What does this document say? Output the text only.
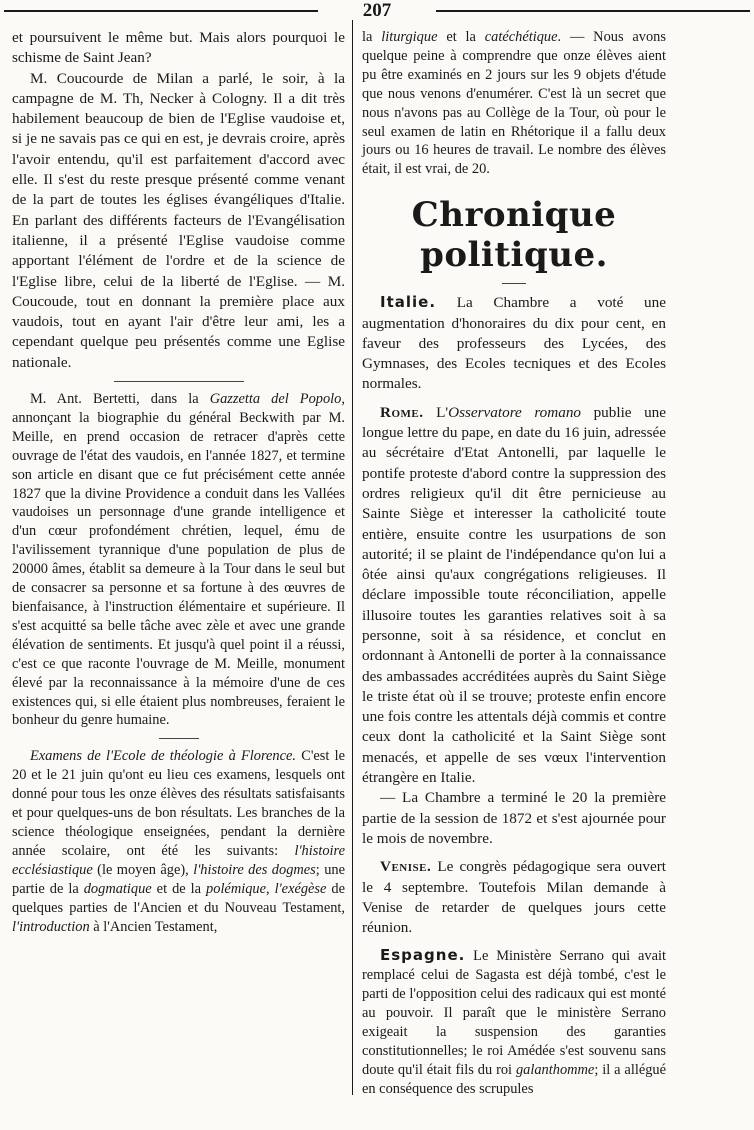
207

et poursuivent le même but. Mais alors pourquoi le schisme de Saint Jean?

M. Coucourde de Milan a parlé, le soir, à la campagne de M. Th, Necker à Cologny. Il a dit très habilement beaucoup de bien de l'Eglise vaudoise et, si je ne savais pas ce qui en est, je devrais croire, après l'avoir entendu, qu'il est parfaitement d'accord avec elle. Il s'est du reste presque présenté comme venant de la part de toutes les églises évangéliques d'Italie. En parlant des différents facteurs de l'Evangélisation italienne, il a présenté l'Eglise vaudoise comme apportant l'élément de l'ordre et de la science de l'Eglise libre, celui de la liberté de l'Eglise. — M. Coucoude, tout en donnant la première place aux vaudois, tout en ayant l'air d'être leur ami, les a cependant quelque peu présentés comme une Eglise nationale.

M. Ant. Bertetti, dans la Gazzetta del Popolo, annonçant la biographie du général Beckwith par M. Meille, en prend occasion de retracer d'après cette ouvrage de l'état des vaudois, en l'année 1827, et termine son article en disant que ce fut précisément cette année 1827 que la divine Providence a conduit dans les Vallées vaudoises un personnage d'une grande intelligence et d'un cœur profondément chrétien, lequel, ému de l'avilissement tyrannique d'une population de plus de 20000 âmes, établit sa demeure à la Tour dans le seul but de consacrer sa personne et sa fortune à des œuvres de bienfaisance, à l'instruction élémentaire et supérieure. Il s'est acquitté sa belle tâche avec zèle et avec une grande élévation de sentiments. Et jusqu'à quel point il a réussi, c'est ce que raconte l'ouvrage de M. Meille, monument élevé par la reconnaissance à la mémoire d'une de ces existences qui, si elle étaient plus nombreuses, feraient le bonheur du genre humaine.

Examens de l'Ecole de théologie à Florence. C'est le 20 et le 21 juin qu'ont eu lieu ces examens, lesquels ont donné pour tous les onze élèves des résultats satisfaisants et pour quelques-uns de bon résultats. Les branches de la science théologique enseignées, pendant la dernière année scolaire, ont été les suivants: l'histoire ecclésiastique (le moyen âge), l'histoire des dogmes; une partie de la dogmatique et de la polémique, l'exégèse de quelques parties de l'Ancien et du Nouveau Testament, l'introduction à l'Ancien Testament,

la liturgique et la catéchétique. — Nous avons quelque peine à comprendre que onze élèves aient pu être examinés en 2 jours sur les 9 objets d'étude que nous venons d'enumérer. C'est là un secret que nous n'avons pas au Collège de la Tour, où pour le seul examen de latin en Rhétorique il a fallu deux jours ou 16 heures de travail. Le nombre des élèves était, il est vrai, de 20.

Chronique politique.

Italie. La Chambre a voté une augmentation d'honoraires du dix pour cent, en faveur des professeurs des Lycées, des Gymnases, des Ecoles tecniques et des Ecoles normales.

Rome. L'Osservatore romano publie une longue lettre du pape, en date du 16 juin, adressée au sécrétaire d'Etat Antonelli, par laquelle le pontife proteste d'abord contre la suppression des ordres religieux qu'il dit être pernicieuse au Sainte Siège et interesser la catholicité toute entière, ensuite contre les usurpations de son autorité; il se plaint de l'indépendance qu'on lui a ôtée ainsi qu'aux congrégations religieuses. Il déclare impossible toute réconciliation, appelle illusoire toutes les garanties relatives soit à sa personne, soit à sa résidence, et conclut en ordonnant à Antonelli de porter à la connaissance des ambassades accréditées auprès du Saint Siège le triste état où il se trouve; proteste enfin encore une fois contre les attentals déjà commis et contre ceux dont la catholicité et la Saint Siège sont menacés, et appelle de ses vœux l'intervention étrangère en Italie.

— La Chambre a terminé le 20 la première partie de la session de 1872 et s'est ajournée pour le mois de novembre.

Venise. Le congrès pédagogique sera ouvert le 4 septembre. Toutefois Milan demande à Venise de retarder de quelques jours cette réunion.

Espagne. Le Ministère Serrano qui avait remplacé celui de Sagasta est déjà tombé, c'est le parti de l'opposition celui des radicaux qui est monté au pouvoir. Il paraît que le ministère Serrano exigeait la suspension des garanties constitutionnelles; le roi Amédée s'est souvenu sans doute qu'il était fils du roi galanthomme; il a allégué en conséquence des scrupules
